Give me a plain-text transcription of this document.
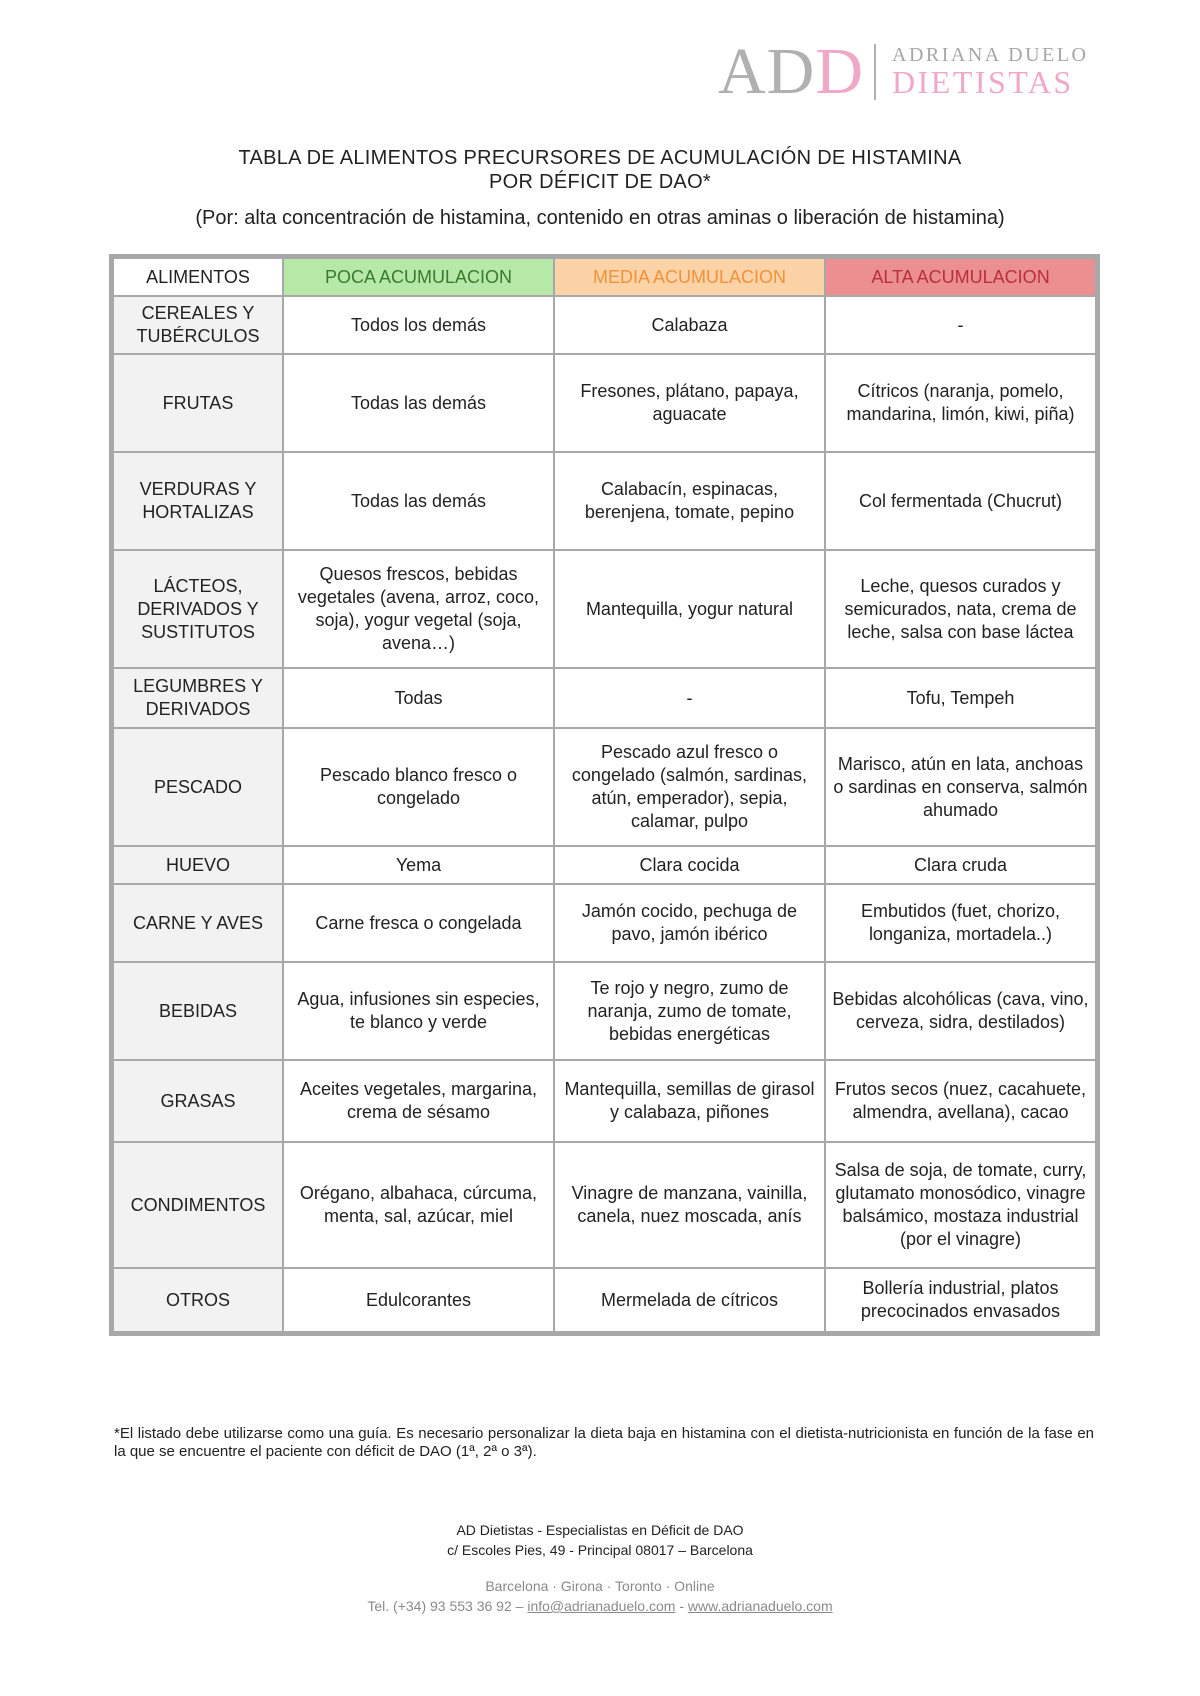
A D D ADRIANA DUELO
DIETISTAS
TABLA DE ALIMENTOS PRECURSORES DE ACUMULACIÓN DE HISTAMINA
POR DÉFICIT DE DAO*
(Por: alta concentración de histamina, contenido en otras aminas o liberación de histamina)
ALIMENTOS	POCA ACUMULACION	MEDIA ACUMULACION	ALTA ACUMULACION
CEREALES Y TUBÉRCULOS	Todos los demás	Calabaza	-
FRUTAS	Todas las demás	Fresones, plátano, papaya, aguacate	Cítricos (naranja, pomelo, mandarina, limón, kiwi, piña)
VERDURAS Y HORTALIZAS	Todas las demás	Calabacín, espinacas, berenjena, tomate, pepino	Col fermentada (Chucrut)
LÁCTEOS, DERIVADOS Y SUSTITUTOS	Quesos frescos, bebidas vegetales (avena, arroz, coco, soja), yogur vegetal (soja, avena…)	Mantequilla, yogur natural	Leche, quesos curados y semicurados, nata, crema de leche, salsa con base láctea
LEGUMBRES Y DERIVADOS	Todas	-	Tofu, Tempeh
PESCADO	Pescado blanco fresco o congelado	Pescado azul fresco o congelado (salmón, sardinas, atún, emperador), sepia, calamar, pulpo	Marisco, atún en lata, anchoas o sardinas en conserva, salmón ahumado
HUEVO	Yema	Clara cocida	Clara cruda
CARNE Y AVES	Carne fresca o congelada	Jamón cocido, pechuga de pavo, jamón ibérico	Embutidos (fuet, chorizo, longaniza, mortadela..)
BEBIDAS	Agua, infusiones sin especies, te blanco y verde	Te rojo y negro, zumo de naranja, zumo de tomate, bebidas energéticas	Bebidas alcohólicas (cava, vino, cerveza, sidra, destilados)
GRASAS	Aceites vegetales, margarina, crema de sésamo	Mantequilla, semillas de girasol y calabaza, piñones	Frutos secos (nuez, cacahuete, almendra, avellana), cacao
CONDIMENTOS	Orégano, albahaca, cúrcuma, menta, sal, azúcar, miel	Vinagre de manzana, vainilla, canela, nuez moscada, anís	Salsa de soja, de tomate, curry, glutamato monosódico, vinagre balsámico, mostaza industrial (por el vinagre)
OTROS	Edulcorantes	Mermelada de cítricos	Bollería industrial, platos precocinados envasados
*El listado debe utilizarse como una guía. Es necesario personalizar la dieta baja en histamina con el dietista-nutricionista en función de la fase en la que se encuentre el paciente con déficit de DAO (1ª, 2ª o 3ª).
AD Dietistas - Especialistas en Déficit de DAO
c/ Escoles Pies, 49 - Principal 08017 – Barcelona
Barcelona · Girona · Toronto · Online
Tel. (+34) 93 553 36 92 – info@adrianaduelo.com - www.adrianaduelo.com
